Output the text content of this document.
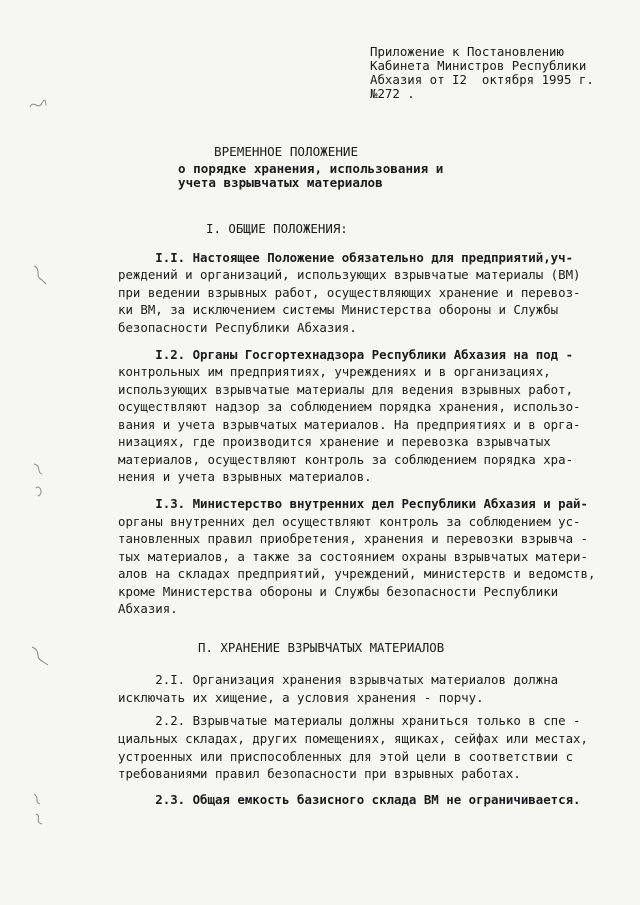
Приложение к Постановлению
Кабинета Министров Республики
Абхазия от I2  октября 1995 г.
№272 .
ВРЕМЕННОЕ ПОЛОЖЕНИЕ
о порядке хранения, использования и
учета взрывчатых материалов
I. ОБЩИЕ ПОЛОЖЕНИЯ:
I.I. Настоящее Положение обязательно для предприятий,уч-
реждений и организаций, использующих взрывчатые материалы (ВМ)
при ведении взрывных работ, осуществляющих хранение и перевоз-
ки ВМ, за исключением системы Министерства обороны и Службы
безопасности Республики Абхазия.
I.2. Органы Госгортехнадзора Республики Абхазия на под -
контрольных им предприятиях, учреждениях и в организациях,
использующих взрывчатые материалы для ведения взрывных работ,
осуществляют надзор за соблюдением порядка хранения, использо-
вания и учета взрывчатых материалов. На предприятиях и в орга-
низациях, где производится хранение и перевозка взрывчатых
материалов, осуществляют контроль за соблюдением порядка хра-
нения и учета взрывных материалов.
I.3. Министерство внутренних дел Республики Абхазия и рай-
органы внутренних дел осуществляют контроль за соблюдением ус-
тановленных правил приобретения, хранения и перевозки взрывча -
тых материалов, а также за состоянием охраны взрывчатых матери-
алов на складах предприятий, учреждений, министерств и ведомств,
кроме Министерства обороны и Службы безопасности Республики
Абхазия.
П. ХРАНЕНИЕ ВЗРЫВЧАТЫХ МАТЕРИАЛОВ
2.I. Организация хранения взрывчатых материалов должна
исключать их хищение, а условия хранения - порчу.
2.2. Взрывчатые материалы должны храниться только в спе -
циальных складах, других помещениях, ящиках, сейфах или местах,
устроенных или приспособленных для этой цели в соответствии с
требованиями правил безопасности при взрывных работах.
2.3. Общая емкость базисного склада ВМ не ограничивается.
